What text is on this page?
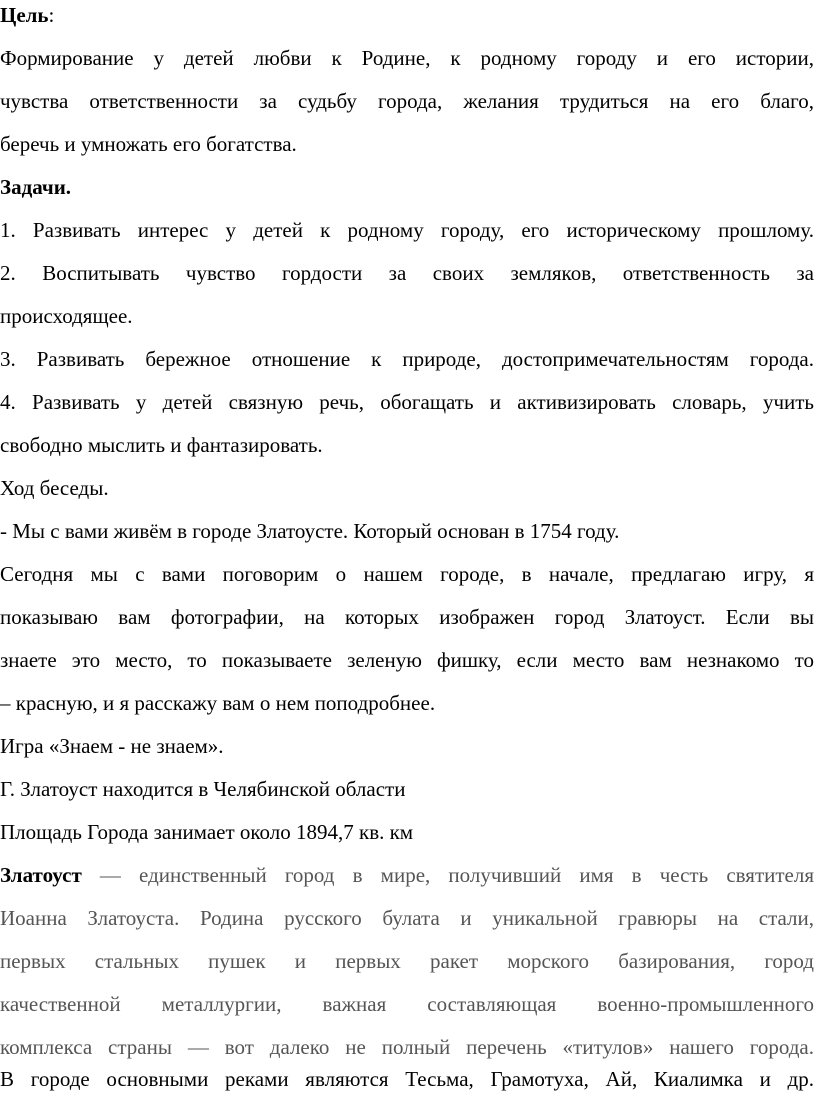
Цель:
Формирование у детей любви к Родине, к родному городу и его истории,
чувства ответственности за судьбу города, желания трудиться на его благо,
беречь и умножать его богатства.
Задачи.
1. Развивать интерес у детей к родному городу, его историческому прошлому.
2. Воспитывать чувство гордости за своих земляков, ответственность за
происходящее.
3. Развивать бережное отношение к природе, достопримечательностям города.
4. Развивать у детей связную речь, обогащать и активизировать словарь, учить
свободно мыслить и фантазировать.
Ход беседы.
- Мы с вами живём в городе Златоусте. Который основан в 1754 году.
Сегодня мы с вами поговорим о нашем городе, в начале, предлагаю игру, я
показываю вам фотографии, на которых изображен город Златоуст. Если вы
знаете это место, то показываете зеленую фишку, если место вам незнакомо то
– красную, и я расскажу вам о нем поподробнее.
Игра «Знаем - не знаем».
Г. Златоуст находится в Челябинской области
Площадь Города занимает около 1894,7 кв. км
Златоуст — единственный город в мире, получивший имя в честь святителя
Иоанна Златоуста. Родина русского булата и уникальной гравюры на стали,
первых стальных пушек и первых ракет морского базирования, город
качественной металлургии, важная составляющая военно-промышленного
комплекса страны — вот далеко не полный перечень «титулов» нашего города.
В городе основными реками являются Тесьма, Грамотуха, Ай, Киалимка и др.
